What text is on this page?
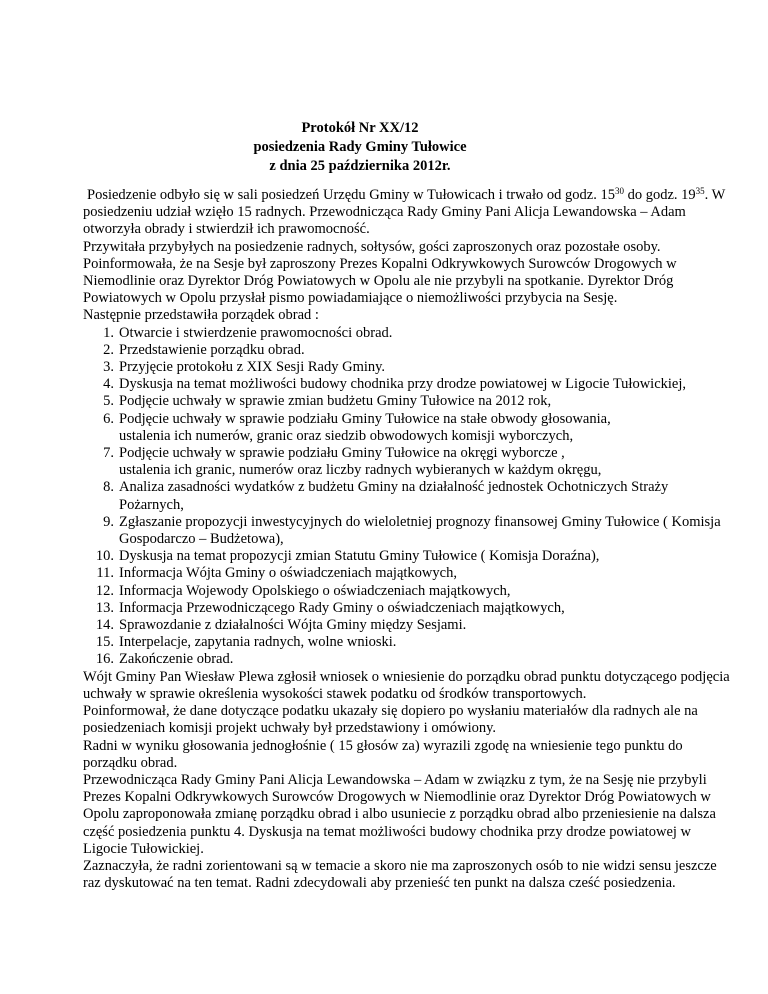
Protokół Nr XX/12
posiedzenia Rady Gminy Tułowice
z dnia 25 października 2012r.

Posiedzenie odbyło się w sali posiedzeń Urzędu Gminy w Tułowicach i trwało od godz. $15^{30}$ do godz. $19^{35}$. W posiedzeniu udział wzięło 15 radnych. Przewodnicząca Rady Gminy Pani Alicja Lewandowska – Adam otworzyła obrady i stwierdził ich prawomocność.

Przywitała przybyłych na posiedzenie radnych, sołtysów, gości zaproszonych oraz pozostałe osoby. Poinformowała, że na Sesje był zaproszony Prezes Kopalni Odkrywkowych Surowców Drogowych w Niemodlinie oraz Dyrektor Dróg Powiatowych w Opolu ale nie przybyli na spotkanie. Dyrektor Dróg Powiatowych w Opolu przysłał pismo powiadamiające o niemożliwości przybycia na Sesję.

Następnie przedstawiła porządek obrad :

1. Otwarcie i stwierdzenie prawomocności obrad.
2. Przedstawienie porządku obrad.
3. Przyjęcie protokołu z XIX Sesji Rady Gminy.
4. Dyskusja na temat możliwości budowy chodnika przy drodze powiatowej w Ligocie Tułowickiej,
5. Podjęcie uchwały w sprawie zmian budżetu Gminy Tułowice na 2012 rok,
6. Podjęcie uchwały w sprawie podziału Gminy Tułowice na stałe obwody głosowania,
ustalenia ich numerów, granic oraz siedzib obwodowych komisji wyborczych,
7. Podjęcie uchwały w sprawie podziału Gminy Tułowice na okręgi wyborcze ,
ustalenia ich granic, numerów oraz liczby radnych wybieranych w każdym okręgu,
8. Analiza zasadności wydatków z budżetu Gminy na działalność jednostek Ochotniczych Straży Pożarnych,
9. Zgłaszanie propozycji inwestycyjnych do wieloletniej prognozy finansowej Gminy Tułowice ( Komisja Gospodarczo – Budżetowa),
10. Dyskusja na temat propozycji zmian Statutu Gminy Tułowice ( Komisja Doraźna),
11. Informacja Wójta Gminy o oświadczeniach majątkowych,
12. Informacja Wojewody Opolskiego o oświadczeniach majątkowych,
13. Informacja Przewodniczącego Rady Gminy o oświadczeniach majątkowych,
14. Sprawozdanie z działalności Wójta Gminy między Sesjami.
15. Interpelacje, zapytania radnych, wolne wnioski.
16. Zakończenie obrad.

Wójt Gminy Pan Wiesław Plewa zgłosił wniosek o wniesienie do porządku obrad punktu dotyczącego podjęcia uchwały w sprawie określenia wysokości stawek podatku od środków transportowych.

Poinformował, że dane dotyczące podatku ukazały się dopiero po wysłaniu materiałów dla radnych ale na posiedzeniach komisji projekt uchwały był przedstawiony i omówiony.

Radni w wyniku głosowania jednogłośnie ( 15 głosów za) wyrazili zgodę na wniesienie tego punktu do porządku obrad.

Przewodnicząca Rady Gminy Pani Alicja Lewandowska – Adam w związku z tym, że na Sesję nie przybyli Prezes Kopalni Odkrywkowych Surowców Drogowych w Niemodlinie oraz Dyrektor Dróg Powiatowych w Opolu zaproponowała zmianę porządku obrad i albo usuniecie z porządku obrad albo przeniesienie na dalsza część posiedzenia punktu 4. Dyskusja na temat możliwości budowy chodnika przy drodze powiatowej w Ligocie Tułowickiej.

Zaznaczyła, że radni zorientowani są w temacie a skoro nie ma zaproszonych osób to nie widzi sensu jeszcze raz dyskutować na ten temat. Radni zdecydowali aby przenieść ten punkt na dalsza cześć posiedzenia.
